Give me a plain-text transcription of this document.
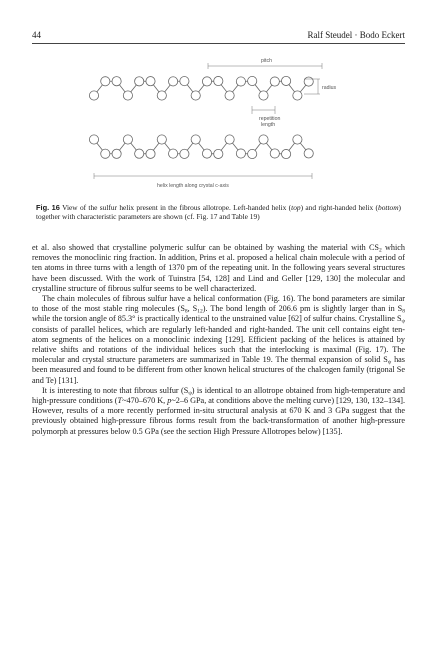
44	Ralf Steudel · Bodo Eckert
pitch
radius
repetition
length
helix length along crystal c-axis
Fig. 16 View of the sulfur helix present in the fibrous allotrope. Left-handed helix (top) and right-handed helix (bottom) together with characteristic parameters are shown (cf. Fig. 17 and Table 19)

et al. also showed that crystalline polymeric sulfur can be obtained by washing the material with $CS_2$ which removes the monoclinic ring fraction. In addition, Prins et al. proposed a helical chain molecule with a period of ten atoms in three turns with a length of 1370 pm of the repeating unit. In the following years several structures have been discussed. With the work of Tuinstra [54, 128] and Lind and Geller [129, 130] the molecular and crystalline structure of fibrous sulfur seems to be well characterized.

The chain molecules of fibrous sulfur have a helical conformation (Fig. 16). The bond parameters are similar to those of the most stable ring molecules ($S_8$, $S_{12}$). The bond length of 206.6 pm is slightly larger than in $S_8$ while the torsion angle of 85.3° is practically identical to the unstrained value [62] of sulfur chains. Crystalline $S_\psi$ consists of parallel helices, which are regularly left-handed and right-handed. The unit cell contains eight ten-atom segments of the helices on a monoclinic indexing [129]. Efficient packing of the helices is attained by relative shifts and rotations of the individual helices such that the interlocking is maximal (Fig. 17). The molecular and crystal structure parameters are summarized in Table 19. The thermal expansion of solid $S_\psi$ has been measured and found to be different from other known helical structures of the chalcogen family (trigonal Se and Te) [131].

It is interesting to note that fibrous sulfur $(S_\psi)$ is identical to an allotrope obtained from high-temperature and high-pressure conditions (T~470–670 K, p~2–6 GPa, at conditions above the melting curve) [129, 130, 132–134]. However, results of a more recently performed in-situ structural analysis at 670 K and 3 GPa suggest that the previously obtained high-pressure fibrous forms result from the back-transformation of another high-pressure polymorph at pressures below 0.5 GPa (see the section High Pressure Allotropes below) [135].
